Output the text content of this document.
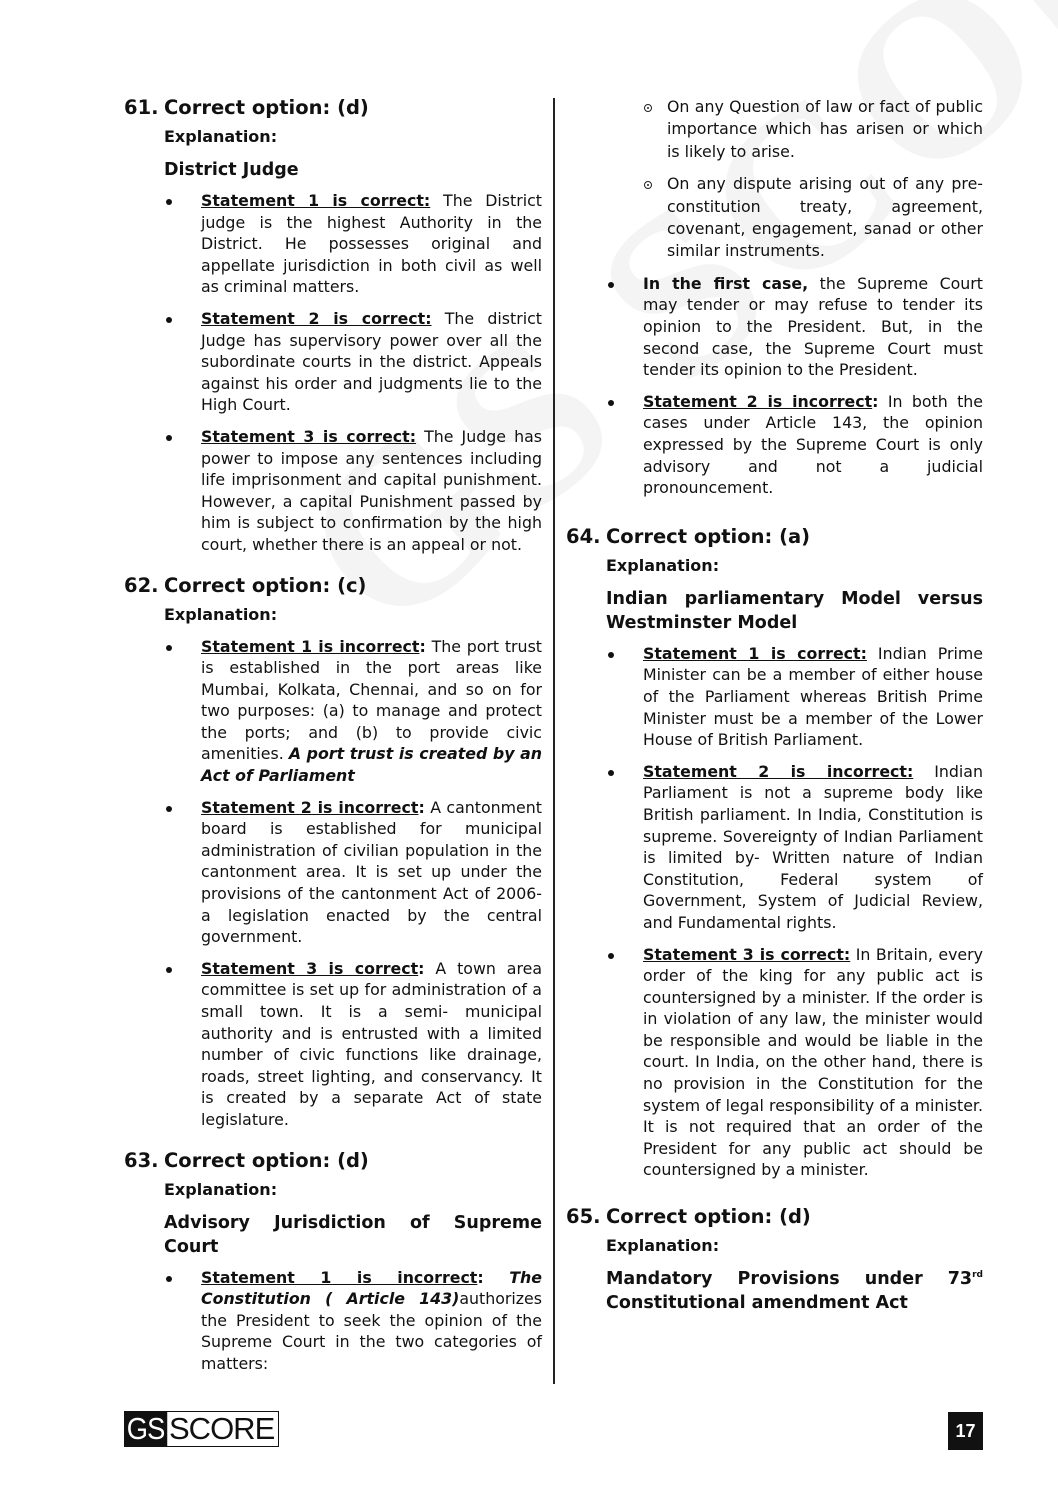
61. Correct option: (d)
Explanation:
District Judge
Statement 1 is correct: The District judge is the highest Authority in the District. He possesses original and appellate jurisdiction in both civil as well as criminal matters.
Statement 2 is correct: The district Judge has supervisory power over all the subordinate courts in the district. Appeals against his order and judgments lie to the High Court.
Statement 3 is correct: The Judge has power to impose any sentences including life imprisonment and capital punishment. However, a capital Punishment passed by him is subject to confirmation by the high court, whether there is an appeal or not.
62. Correct option: (c)
Explanation:
Statement 1 is incorrect: The port trust is established in the port areas like Mumbai, Kolkata, Chennai, and so on for two purposes: (a) to manage and protect the ports; and (b) to provide civic amenities. A port trust is created by an Act of Parliament
Statement 2 is incorrect: A cantonment board is established for municipal administration of civilian population in the cantonment area. It is set up under the provisions of the cantonment Act of 2006- a legislation enacted by the central government.
Statement 3 is correct: A town area committee is set up for administration of a small town. It is a semi- municipal authority and is entrusted with a limited number of civic functions like drainage, roads, street lighting, and conservancy. It is created by a separate Act of state legislature.
63. Correct option: (d)
Explanation:
Advisory Jurisdiction of Supreme Court
Statement 1 is incorrect: The Constitution ( Article 143)authorizes the President to seek the opinion of the Supreme Court in the two categories of matters:
On any Question of law or fact of public importance which has arisen or which is likely to arise.
On any dispute arising out of any pre- constitution treaty, agreement, covenant, engagement, sanad or other similar instruments.
In the first case, the Supreme Court may tender or may refuse to tender its opinion to the President. But, in the second case, the Supreme Court must tender its opinion to the President.
Statement 2 is incorrect: In both the cases under Article 143, the opinion expressed by the Supreme Court is only advisory and not a judicial pronouncement.
64. Correct option: (a)
Explanation:
Indian parliamentary Model versus Westminster Model
Statement 1 is correct: Indian Prime Minister can be a member of either house of the Parliament whereas British Prime Minister must be a member of the Lower House of British Parliament.
Statement 2 is incorrect: Indian Parliament is not a supreme body like British parliament. In India, Constitution is supreme. Sovereignty of Indian Parliament is limited by- Written nature of Indian Constitution, Federal system of Government, System of Judicial Review, and Fundamental rights.
Statement 3 is correct: In Britain, every order of the king for any public act is countersigned by a minister. If the order is in violation of any law, the minister would be responsible and would be liable in the court. In India, on the other hand, there is no provision in the Constitution for the system of legal responsibility of a minister. It is not required that an order of the President for any public act should be countersigned by a minister.
65. Correct option: (d)
Explanation:
Mandatory Provisions under 73rd Constitutional amendment Act
GS SCORE	17
